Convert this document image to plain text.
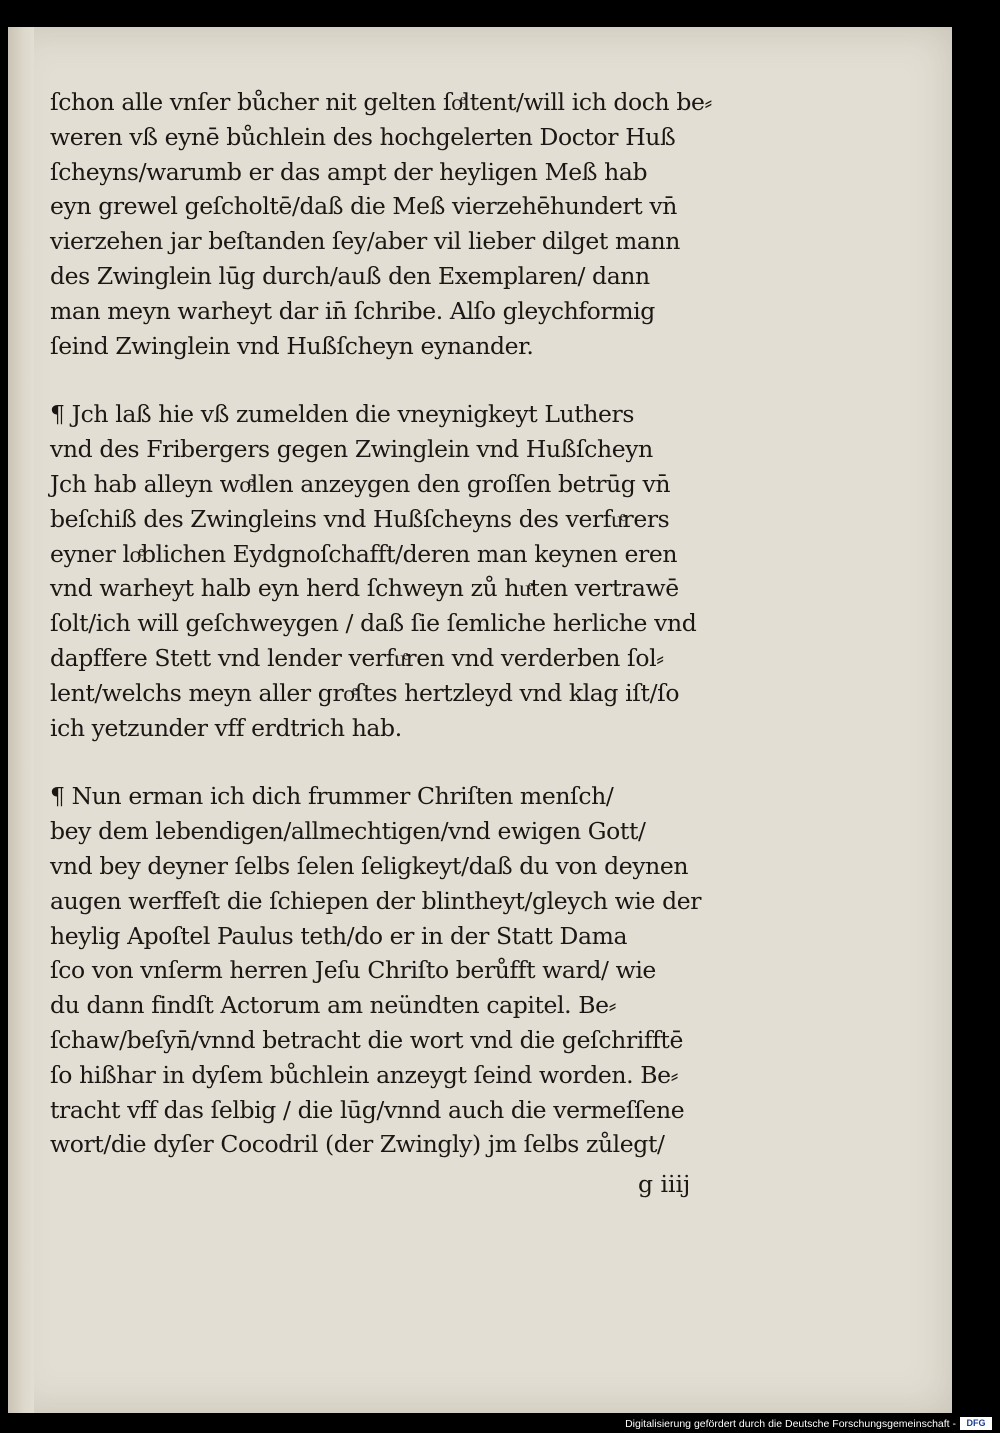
ſchon alle vnſer bůcher nit gelten ſoͤltent/will ich doch be⸗
weren vß eynē bůchlein des hochgelerten Doctor Huß
ſcheyns/warumb er das ampt der heyligen Meß hab
eyn grewel geſcholtē/daß die Meß vierzehēhundert vn̄
vierzehen jar beſtanden ſey/aber vil lieber dilget mann
des Zwinglein lūg durch/auß den Exemplaren/ dann
man meyn warheyt dar in̄ ſchribe. Alſo gleychformig
ſeind Zwinglein vnd Hußſcheyn eynander.
¶ Jch laß hie vß zumelden die vneynigkeyt Luthers
vnd des Fribergers gegen Zwinglein vnd Hußſcheyn
Jch hab alleyn woͤllen anzeygen den groſſen betrūg vn̄
beſchiß des Zwingleins vnd Hußſcheyns des verfuͤrers
eyner loͤblichen Eydgnoſchafft/deren man keynen eren
vnd warheyt halb eyn herd ſchweyn zů huͤten vertrawē
ſolt/ich will geſchweygen / daß ſie ſemliche herliche vnd
dapffere Stett vnd lender verfuͤren vnd verderben ſol⸗
lent/welchs meyn aller groͤſtes hertzleyd vnd klag iſt/ſo
ich yetzunder vff erdtrich hab.
¶ Nun erman ich dich frummer Chriſten menſch/
bey dem lebendigen/allmechtigen/vnd ewigen Gott/
vnd bey deyner ſelbs ſelen ſeligkeyt/daß du von deynen
augen werffeſt die ſchiepen der blintheyt/gleych wie der
heylig Apoſtel Paulus teth/do er in der Statt Dama
ſco von vnſerm herren Jeſu Chriſto berůfft ward/ wie
du dann findſt Actorum am neündten capitel. Be⸗
ſchaw/beſyn̄/vnnd betracht die wort vnd die geſchrifftē
ſo hißhar in dyſem bůchlein anzeygt ſeind worden. Be⸗
tracht vff das ſelbig / die lūg/vnnd auch die vermeſſene
wort/die dyſer Cocodril (der Zwingly) jm ſelbs zůlegt/
g iiij
Digitalisierung gefördert durch die Deutsche Forschungsgemeinschaft -	DFG
